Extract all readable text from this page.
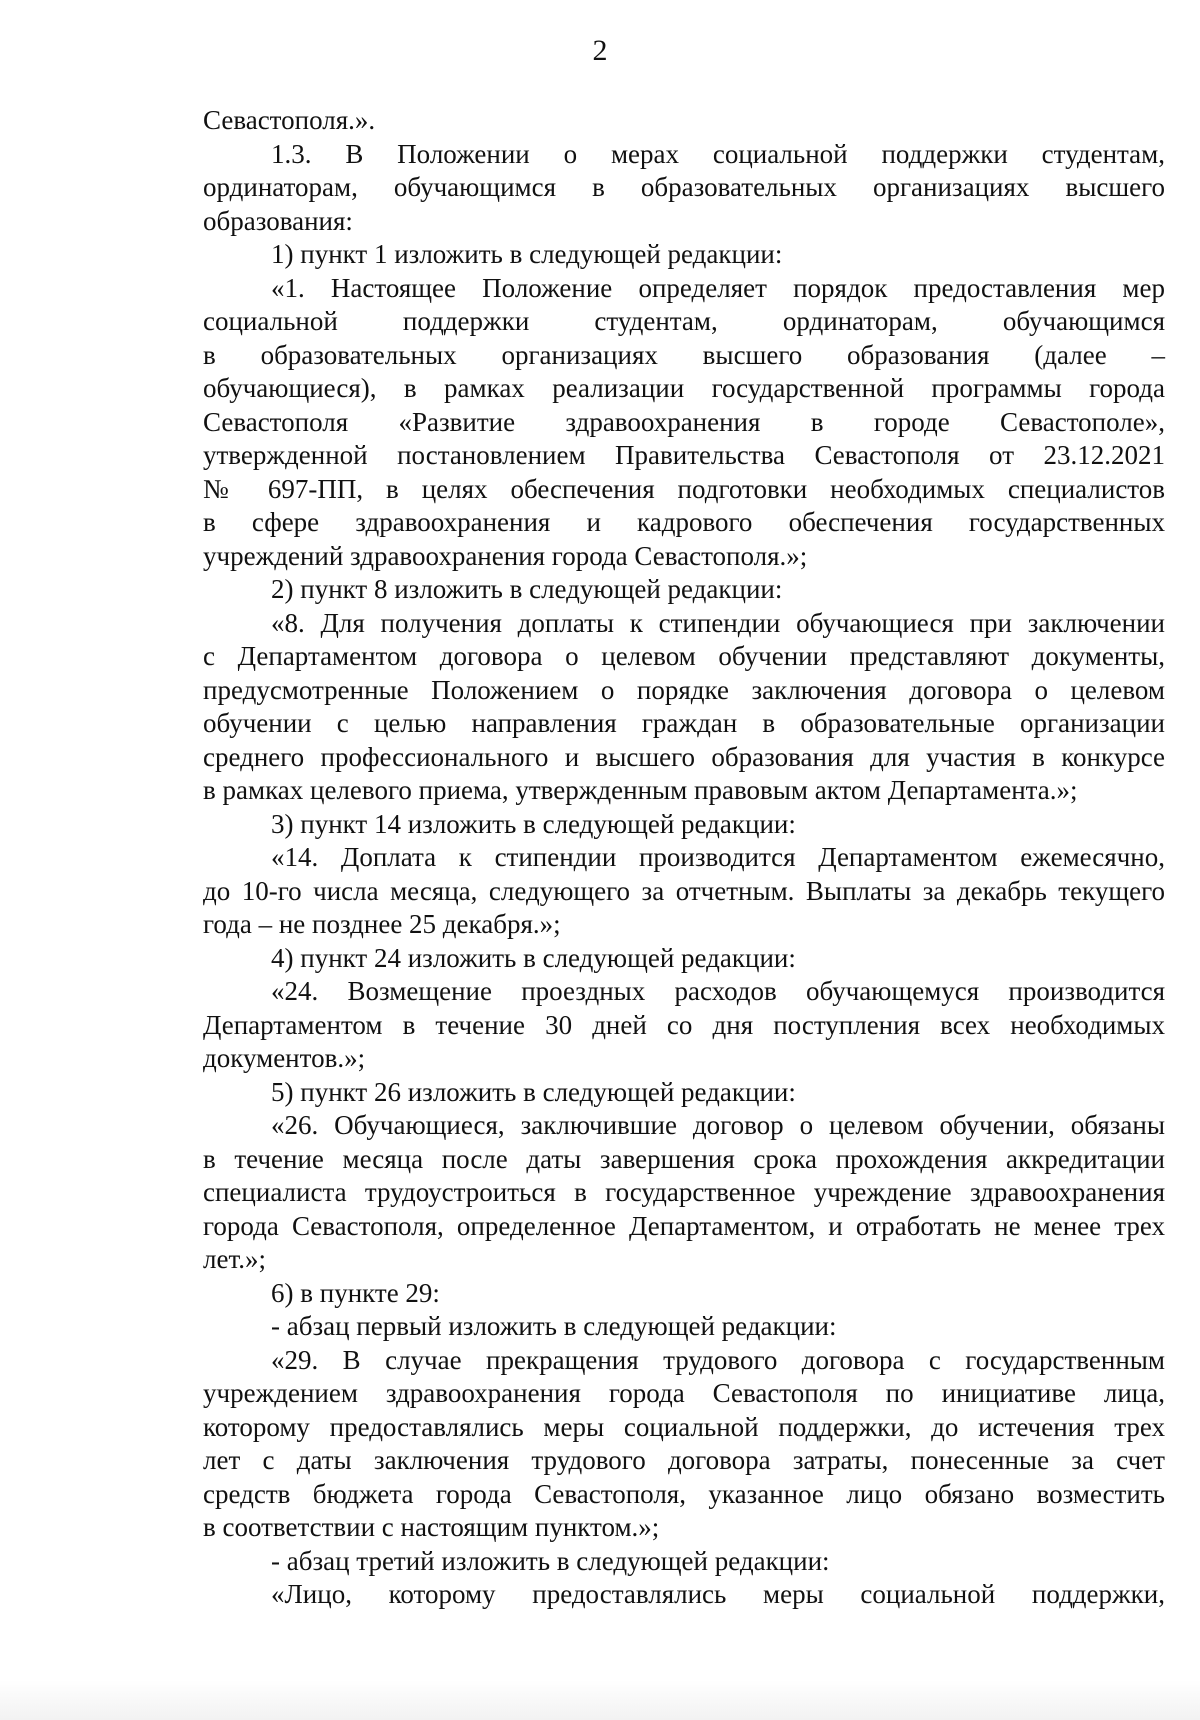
2
Севастополя.».
1.3. В Положении о мерах социальной поддержки студентам,
ординаторам, обучающимся в образовательных организациях высшего
образования:
1) пункт 1 изложить в следующей редакции:
«1. Настоящее Положение определяет порядок предоставления мер
социальной поддержки студентам, ординаторам, обучающимся
в образовательных организациях высшего образования (далее –
обучающиеся), в рамках реализации государственной программы города
Севастополя «Развитие здравоохранения в городе Севастополе»,
утвержденной постановлением Правительства Севастополя от 23.12.2021
№ 697-ПП, в целях обеспечения подготовки необходимых специалистов
в сфере здравоохранения и кадрового обеспечения государственных
учреждений здравоохранения города Севастополя.»;
2) пункт 8 изложить в следующей редакции:
«8. Для получения доплаты к стипендии обучающиеся при заключении
с Департаментом договора о целевом обучении представляют документы,
предусмотренные Положением о порядке заключения договора о целевом
обучении с целью направления граждан в образовательные организации
среднего профессионального и высшего образования для участия в конкурсе
в рамках целевого приема, утвержденным правовым актом Департамента.»;
3) пункт 14 изложить в следующей редакции:
«14. Доплата к стипендии производится Департаментом ежемесячно,
до 10-го числа месяца, следующего за отчетным. Выплаты за декабрь текущего
года – не позднее 25 декабря.»;
4) пункт 24 изложить в следующей редакции:
«24. Возмещение проездных расходов обучающемуся производится
Департаментом в течение 30 дней со дня поступления всех необходимых
документов.»;
5) пункт 26 изложить в следующей редакции:
«26. Обучающиеся, заключившие договор о целевом обучении, обязаны
в течение месяца после даты завершения срока прохождения аккредитации
специалиста трудоустроиться в государственное учреждение здравоохранения
города Севастополя, определенное Департаментом, и отработать не менее трех
лет.»;
6) в пункте 29:
- абзац первый изложить в следующей редакции:
«29. В случае прекращения трудового договора с государственным
учреждением здравоохранения города Севастополя по инициативе лица,
которому предоставлялись меры социальной поддержки, до истечения трех
лет с даты заключения трудового договора затраты, понесенные за счет
средств бюджета города Севастополя, указанное лицо обязано возместить
в соответствии с настоящим пунктом.»;
- абзац третий изложить в следующей редакции:
«Лицо, которому предоставлялись меры социальной поддержки,
